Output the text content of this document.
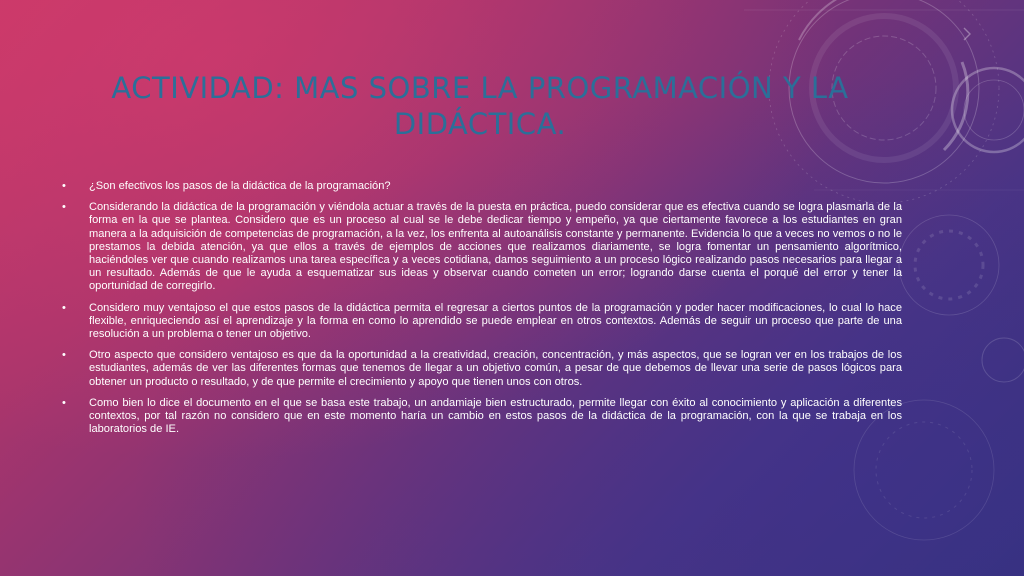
ACTIVIDAD: MAS SOBRE LA PROGRAMACIÓN Y LA DIDÁCTICA.
• ¿Son efectivos los pasos de la didáctica de la programación?
• Considerando la didáctica de la programación y viéndola actuar a través de la puesta en práctica, puedo considerar que es efectiva cuando se logra plasmarla de la forma en la que se plantea. Considero que es un proceso al cual se le debe dedicar tiempo y empeño, ya que ciertamente favorece a los estudiantes en gran manera a la adquisición de competencias de programación, a la vez, los enfrenta al autoanálisis constante y permanente. Evidencia lo que a veces no vemos o no le prestamos la debida atención, ya que ellos a través de ejemplos de acciones que realizamos diariamente, se logra fomentar un pensamiento algorítmico, haciéndoles ver que cuando realizamos una tarea específica y a veces cotidiana, damos seguimiento a un proceso lógico realizando pasos necesarios para llegar a un resultado. Además de que le ayuda a esquematizar sus ideas y observar cuando cometen un error; logrando darse cuenta el porqué del error y tener la oportunidad de corregirlo.
• Considero muy ventajoso el que estos pasos de la didáctica permita el regresar a ciertos puntos de la programación y poder hacer modificaciones, lo cual lo hace flexible, enriqueciendo así el aprendizaje y la forma en como lo aprendido se puede emplear en otros contextos. Además de seguir un proceso que parte de una resolución a un problema o tener un objetivo.
• Otro aspecto que considero ventajoso es que da la oportunidad a la creatividad, creación, concentración, y más aspectos, que se logran ver en los trabajos de los estudiantes, además de ver las diferentes formas que tenemos de llegar a un objetivo común, a pesar de que debemos de llevar una serie de pasos lógicos para obtener un producto o resultado, y de que permite el crecimiento y apoyo que tienen unos con otros.
• Como bien lo dice el documento en el que se basa este trabajo, un andamiaje bien estructurado, permite llegar con éxito al conocimiento y aplicación a diferentes contextos, por tal razón no considero que en este momento haría un cambio en estos pasos de la didáctica de la programación, con la que se trabaja en los laboratorios de IE.
